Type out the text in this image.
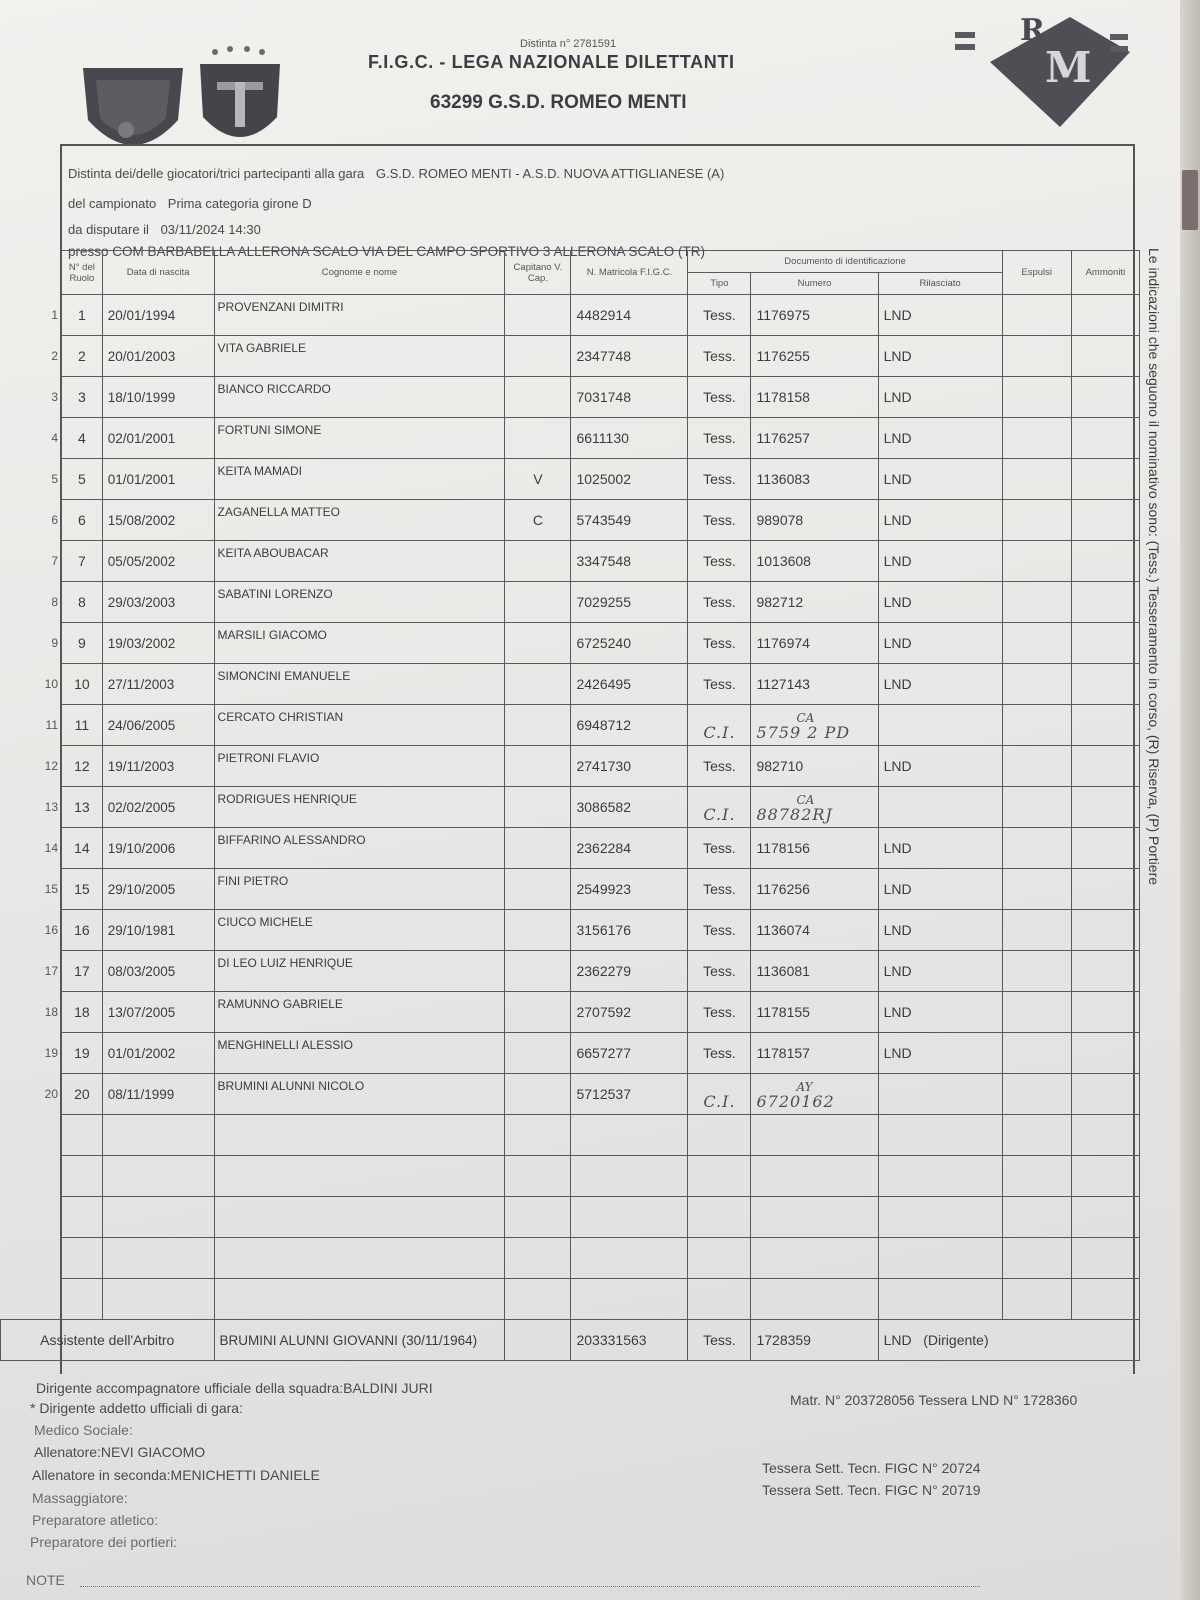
R
M
Distinta n° 2781591
F.I.G.C. - LEGA NAZIONALE DILETTANTI
63299 G.S.D. ROMEO MENTI
Distinta dei/delle giocatori/trici partecipanti alla gara G.S.D. ROMEO MENTI - A.S.D. NUOVA ATTIGLIANESE (A)
del campionato Prima categoria girone D
da disputare il 03/11/2024 14:30
presso COM BARBABELLA ALLERONA SCALO VIA DEL CAMPO SPORTIVO 3 ALLERONA SCALO (TR)
	N° del Ruolo	Data di nascita	Cognome e nome	Capitano V. Cap.	N. Matricola F.I.G.C.	Documento di identificazione			Espulsi	Ammoniti
						Tipo	Numero	Rilasciato		
1	1	20/01/1994	PROVENZANI DIMITRI		4482914	Tess.	1176975	LND		
2	2	20/01/2003	VITA GABRIELE		2347748	Tess.	1176255	LND		
3	3	18/10/1999	BIANCO RICCARDO		7031748	Tess.	1178158	LND		
4	4	02/01/2001	FORTUNI SIMONE		6611130	Tess.	1176257	LND		
5	5	01/01/2001	KEITA MAMADI	V	1025002	Tess.	1136083	LND		
6	6	15/08/2002	ZAGANELLA MATTEO	C	5743549	Tess.	989078	LND		
7	7	05/05/2002	KEITA ABOUBACAR		3347548	Tess.	1013608	LND		
8	8	29/03/2003	SABATINI LORENZO		7029255	Tess.	982712	LND		
9	9	19/03/2002	MARSILI GIACOMO		6725240	Tess.	1176974	LND		
10	10	27/11/2003	SIMONCINI EMANUELE		2426495	Tess.	1127143	LND		
11	11	24/06/2005	CERCATO CHRISTIAN		6948712	C.I.	CA
5759 2 PD			
12	12	19/11/2003	PIETRONI FLAVIO		2741730	Tess.	982710	LND		
13	13	02/02/2005	RODRIGUES HENRIQUE		3086582	C.I.	CA
88782RJ			
14	14	19/10/2006	BIFFARINO ALESSANDRO		2362284	Tess.	1178156	LND		
15	15	29/10/2005	FINI PIETRO		2549923	Tess.	1176256	LND		
16	16	29/10/1981	CIUCO MICHELE		3156176	Tess.	1136074	LND		
17	17	08/03/2005	DI LEO LUIZ HENRIQUE		2362279	Tess.	1136081	LND		
18	18	13/07/2005	RAMUNNO GABRIELE		2707592	Tess.	1178155	LND		
19	19	01/01/2002	MENGHINELLI ALESSIO		6657277	Tess.	1178157	LND		
20	20	08/11/1999	BRUMINI ALUNNI NICOLO		5712537	C.I.	AY
6720162			

Assistente dell'Arbitro			BRUMINI ALUNNI GIOVANNI (30/11/1964)		203331563	Tess.	1728359	LND   (Dirigente)		
Le indicazioni che seguono il nominativo sono: (Tess.) Tesseramento in corso, (R) Riserva, (P) Portiere
Dirigente accompagnatore ufficiale della squadra:BALDINI JURI
Matr. N° 203728056 Tessera LND N° 1728360
* Dirigente addetto ufficiali di gara:
Medico Sociale:
Allenatore:NEVI GIACOMO
Tessera Sett. Tecn. FIGC N° 20724
Allenatore in seconda:MENICHETTI DANIELE
Tessera Sett. Tecn. FIGC N° 20719
Massaggiatore:
Preparatore atletico:
Preparatore dei portieri:
NOTE
